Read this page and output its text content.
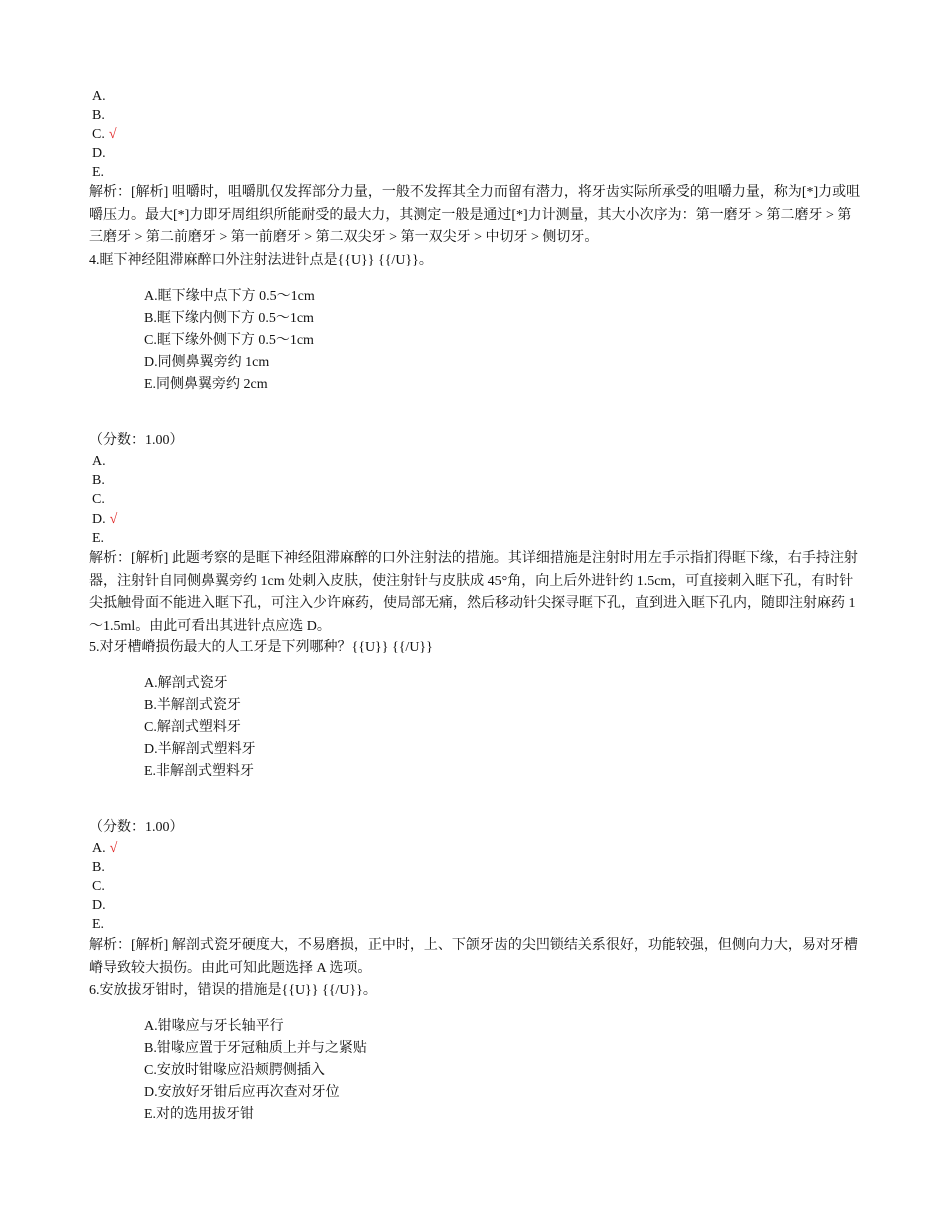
A.
B.
C. √
D.
E.
解析：[解析] 咀嚼时，咀嚼肌仅发挥部分力量，一般不发挥其全力而留有潜力，将牙齿实际所承受的咀嚼力量，称为[*]力或咀嚼压力。最大[*]力即牙周组织所能耐受的最大力，其测定一般是通过[*]力计测量，其大小次序为：第一磨牙 > 第二磨牙 > 第三磨牙 > 第二前磨牙 > 第一前磨牙 > 第二双尖牙 > 第一双尖牙 > 中切牙 > 侧切牙。
4.眶下神经阻滞麻醉口外注射法进针点是{{U}} {{/U}}。
A.眶下缘中点下方 0.5～1cm
B.眶下缘内侧下方 0.5～1cm
C.眶下缘外侧下方 0.5～1cm
D.同侧鼻翼旁约 1cm
E.同侧鼻翼旁约 2cm
（分数：1.00）
A.
B.
C.
D. √
E.
解析：[解析] 此题考察的是眶下神经阻滞麻醉的口外注射法的措施。其详细措施是注射时用左手示指扪得眶下缘，右手持注射器，注射针自同侧鼻翼旁约 1cm 处刺入皮肤，使注射针与皮肤成 45°角，向上后外进针约 1.5cm，可直接刺入眶下孔，有时针尖抵触骨面不能进入眶下孔，可注入少许麻药，使局部无痛，然后移动针尖探寻眶下孔，直到进入眶下孔内，随即注射麻药 1～1.5ml。由此可看出其进针点应选 D。
5.对牙槽嵴损伤最大的人工牙是下列哪种？{{U}} {{/U}}
A.解剖式瓷牙
B.半解剖式瓷牙
C.解剖式塑料牙
D.半解剖式塑料牙
E.非解剖式塑料牙
（分数：1.00）
A. √
B.
C.
D.
E.
解析：[解析] 解剖式瓷牙硬度大，不易磨损，正中时，上、下颌牙齿的尖凹锁结关系很好，功能较强，但侧向力大，易对牙槽嵴导致较大损伤。由此可知此题选择 A 选项。
6.安放拔牙钳时，错误的措施是{{U}} {{/U}}。
A.钳喙应与牙长轴平行
B.钳喙应置于牙冠釉质上并与之紧贴
C.安放时钳喙应沿颊腭侧插入
D.安放好牙钳后应再次查对牙位
E.对的选用拔牙钳
